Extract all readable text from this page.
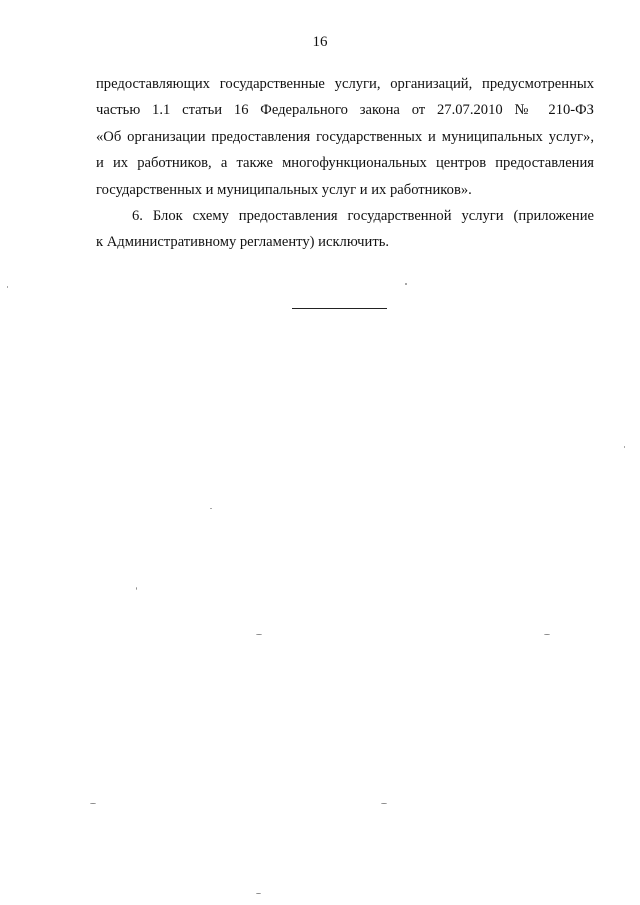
16
предоставляющих государственные услуги, организаций, предусмотренных
частью 1.1 статьи 16 Федерального закона от 27.07.2010 № 210-ФЗ
«Об организации предоставления государственных и муниципальных услуг»,
и их работников, а также многофункциональных центров предоставления
государственных и муниципальных услуг и их работников».
6. Блок схему предоставления государственной услуги (приложение
к Административному регламенту) исключить.
